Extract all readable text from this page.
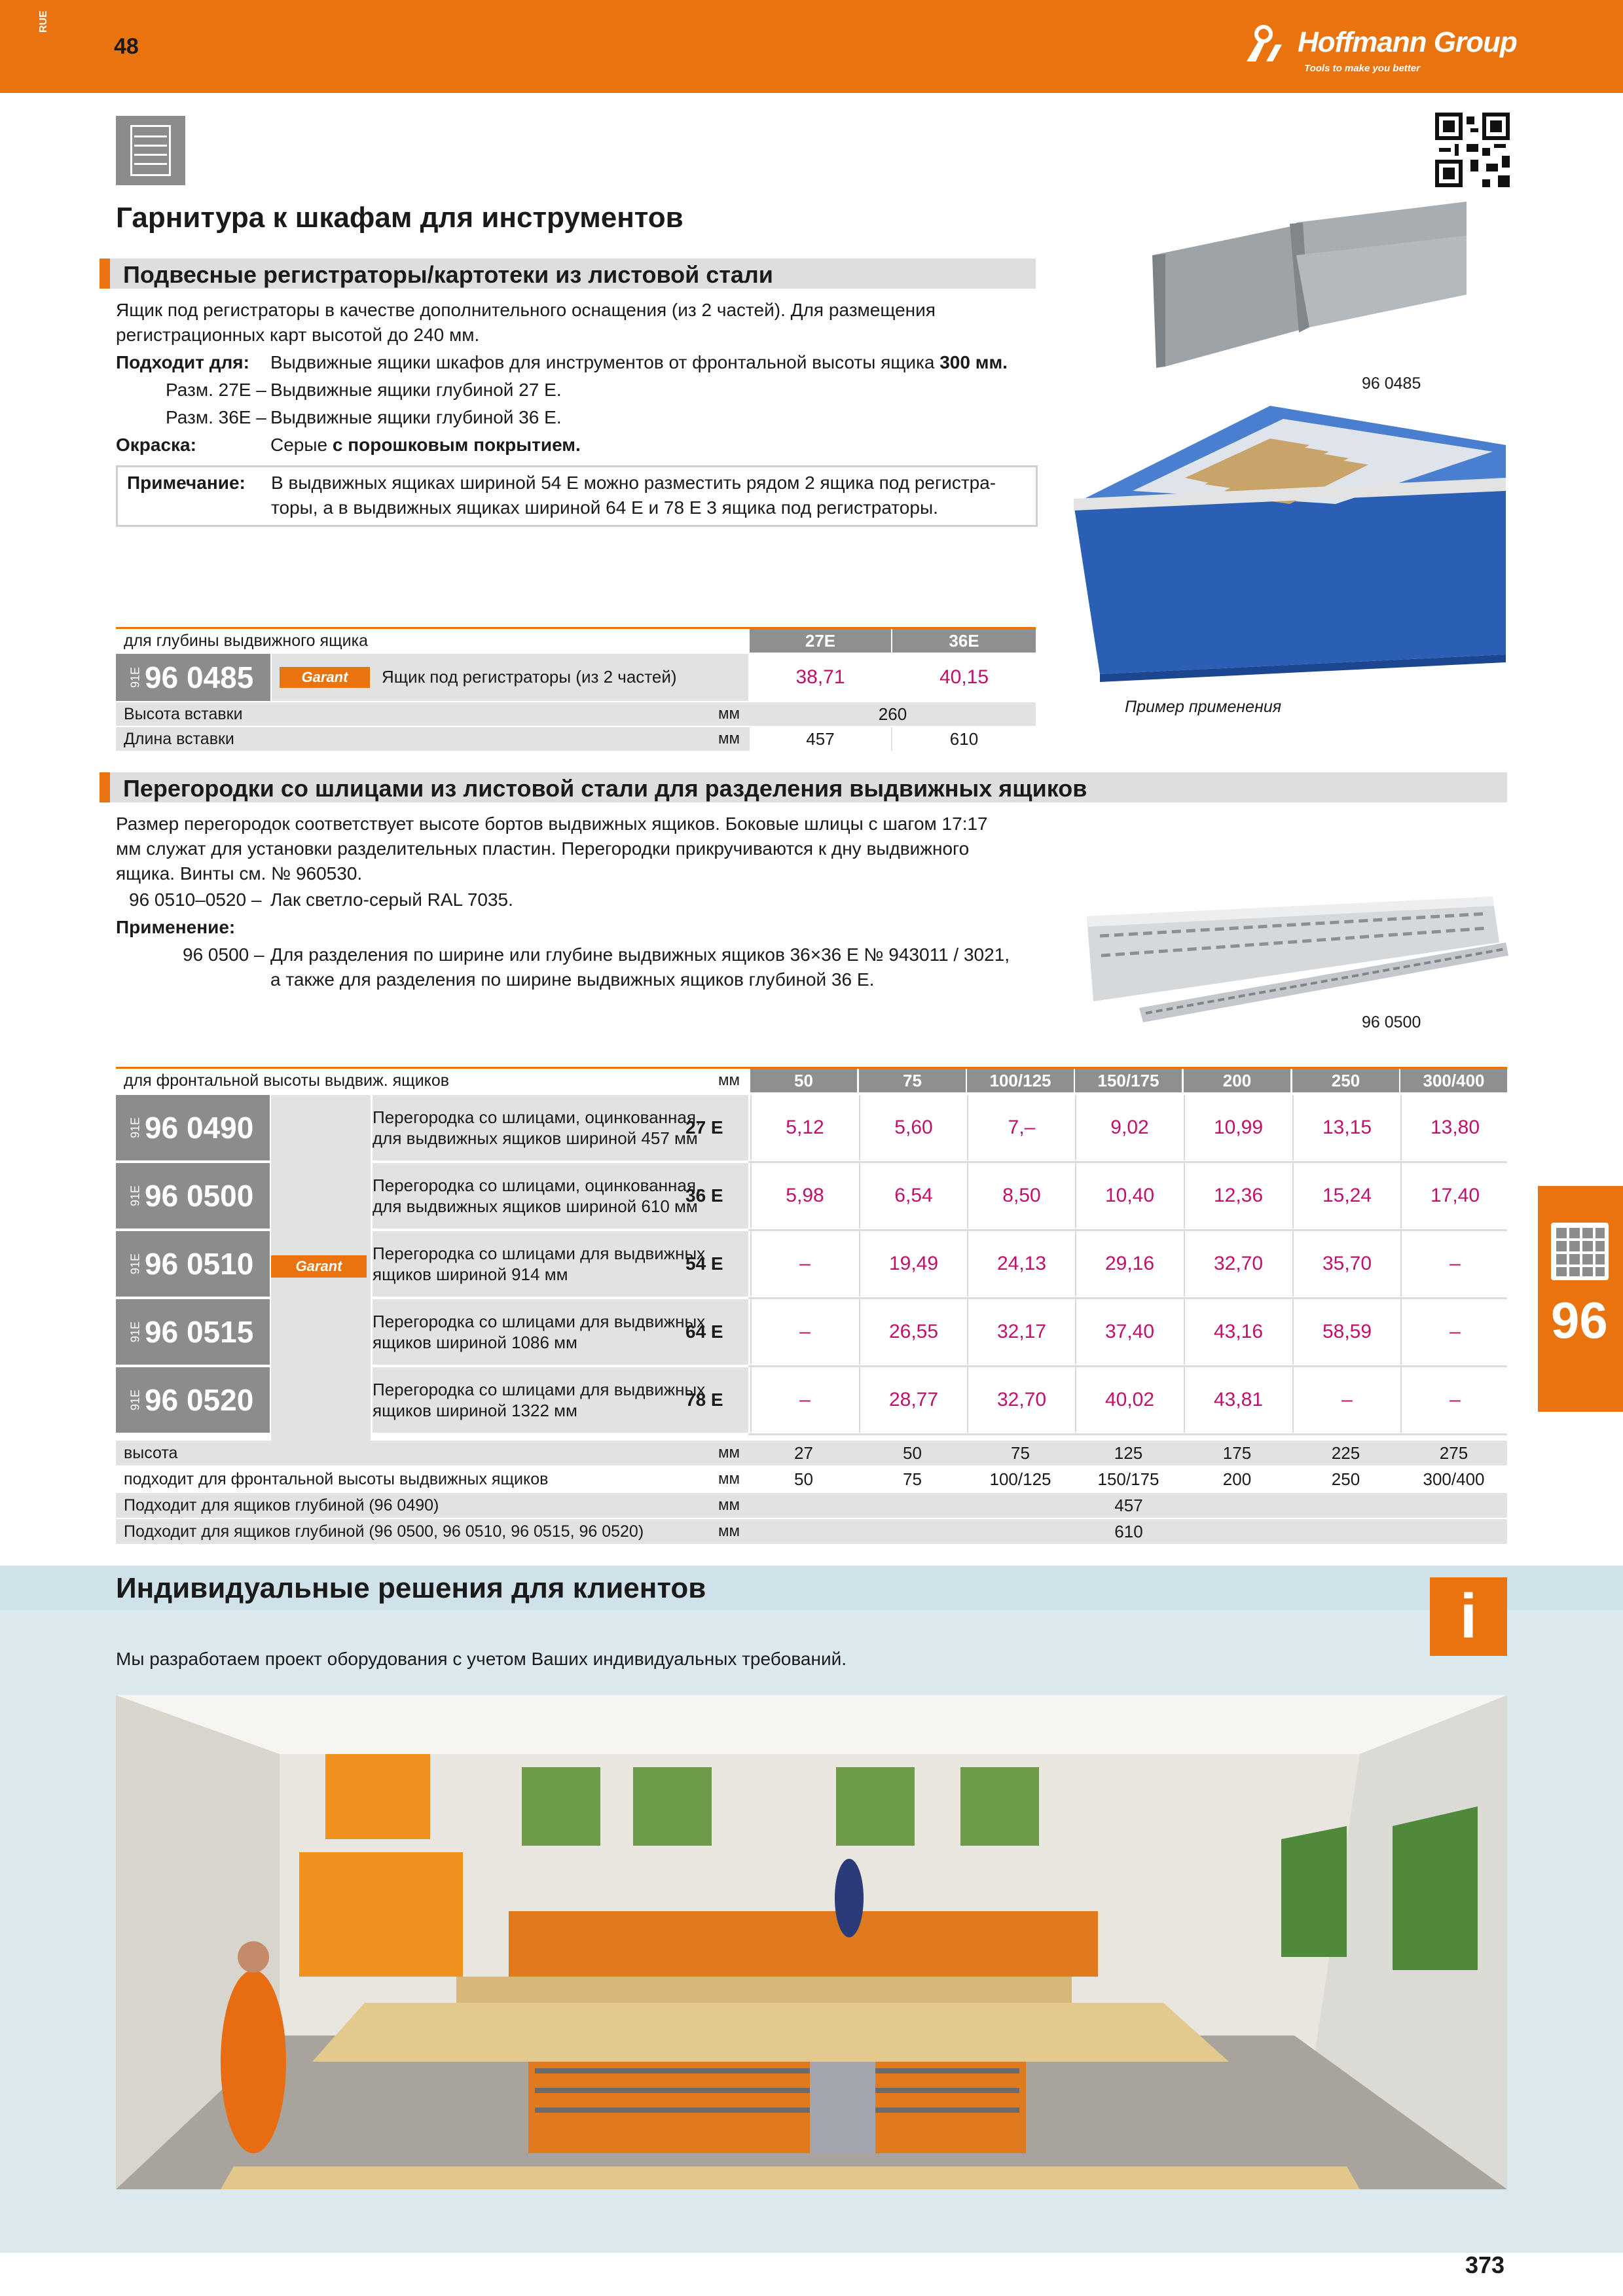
RUE
48	Hoffmann Group
Tools to make you better
Гарнитура к шкафам для инструментов
Подвесные регистраторы/картотеки из листовой стали
Ящик под регистраторы в качестве дополнительного оснащения (из 2 частей). Для размещения
регистрационных карт высотой до 240 мм.
Подходит для: Выдвижные ящики шкафов для инструментов от фронтальной высоты ящика 300 мм.
Разм. 27E – Выдвижные ящики глубиной 27 E.
Разм. 36E – Выдвижные ящики глубиной 36 E.
Окраска:	Серые с порошковым покрытием.
Примечание: В выдвижных ящиках шириной 54 E можно разместить рядом 2 ящика под регистра-
торы, а в выдвижных ящиках шириной 64 E и 78 E 3 ящика под регистраторы.
96 0485
Пример применения
для глубины выдвижного ящика	27E	36E
91E 96 0485	Garant Ящик под регистраторы (из 2 частей)	38,71	40,15
Высота вставки	мм	260
Длина вставки	мм	457	610
Перегородки со шлицами из листовой стали для разделения выдвижных ящиков
Размер перегородок соответствует высоте бортов выдвижных ящиков. Боковые шлицы с шагом 17:17
мм служат для установки разделительных пластин. Перегородки прикручиваются к дну выдвижного
ящика. Винты см. № 960530.
96 0510–0520 – Лак светло-серый RAL 7035.
Применение:
96 0500 – Для разделения по ширине или глубине выдвижных ящиков 36×36 E № 943011 / 3021,
а также для разделения по ширине выдвижных ящиков глубиной 36 E.
96 0500
для фронтальной высоты выдвиж. ящиков	мм	50	75	100/125	150/175	200	250	300/400
Garant
91E 96 0490	Перегородка со шлицами, оцинкованная,
для выдвижных ящиков шириной 457 мм
27 E	5,12	5,60	7,–	9,02	10,99	13,15	13,80
91E 96 0500	Перегородка со шлицами, оцинкованная,
для выдвижных ящиков шириной 610 мм
36 E	5,98	6,54	8,50	10,40	12,36	15,24	17,40
91E 96 0510	Перегородка со шлицами для выдвижных
ящиков шириной 914 мм
54 E	–	19,49	24,13	29,16	32,70	35,70	–
91E 96 0515	Перегородка со шлицами для выдвижных
ящиков шириной 1086 мм
64 E	–	26,55	32,17	37,40	43,16	58,59	–
91E 96 0520	Перегородка со шлицами для выдвижных
ящиков шириной 1322 мм
78 E	–	28,77	32,70	40,02	43,81	–	–
высота	мм	27	50	75	125	175	225	275
подходит для фронтальной высоты выдвижных ящиков	мм	50	75	100/125	150/175	200	250	300/400
Подходит для ящиков глубиной (96 0490)	мм	457
Подходит для ящиков глубиной (96 0500, 96 0510, 96 0515, 96 0520)	мм	610
96
Индивидуальные решения для клиентов	i
Мы разработаем проект оборудования с учетом Ваших индивидуальных требований.
373
